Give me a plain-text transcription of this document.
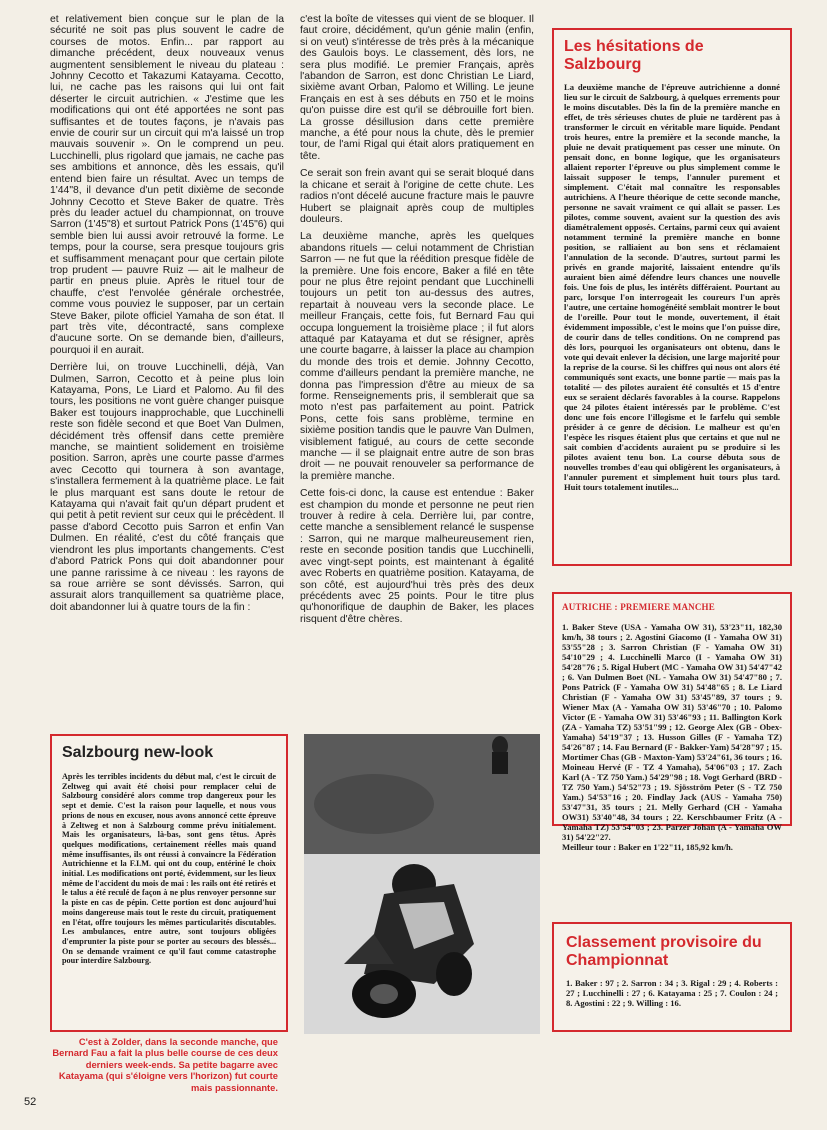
et relativement bien conçue sur le plan de la sécurité ne soit pas plus souvent le cadre de courses de motos. Enfin... par rapport au dimanche précédent, deux nouveaux venus augmentent sensiblement le niveau du plateau : Johnny Cecotto et Takazumi Katayama. Cecotto, lui, ne cache pas les raisons qui lui ont fait déserter le circuit autrichien. « J'estime que les modifications qui ont été apportées ne sont pas suffisantes et de toutes façons, je n'avais pas envie de courir sur un circuit qui m'a laissé un trop mauvais souvenir ». On le comprend un peu. Lucchinelli, plus rigolard que jamais, ne cache pas ses ambitions et annonce, dès les essais, qu'il entend bien faire un résultat. Avec un temps de 1'44"8, il devance d'un petit dixième de seconde Johnny Cecotto et Steve Baker de quatre. Très près du leader actuel du championnat, on trouve Sarron (1'45"8) et surtout Patrick Pons (1'45"6) qui semble bien lui aussi avoir retrouvé la forme. Le temps, pour la course, sera presque toujours gris et suffisamment menaçant pour que certain pilote trop prudent — pauvre Ruiz — ait le malheur de partir en pneus pluie. Après le rituel tour de chauffe, c'est l'envolée générale orchestrée, comme vous pouviez le supposer, par un certain Steve Baker, pilote officiel Yamaha de son état. Il part très vite, décontracté, sans complexe d'aucune sorte. On se demande bien, d'ailleurs, pourquoi il en aurait.

Derrière lui, on trouve Lucchinelli, déjà, Van Dulmen, Sarron, Cecotto et à peine plus loin Katayama, Pons, Le Liard et Palomo. Au fil des tours, les positions ne vont guère changer puisque Baker est toujours inapprochable, que Lucchinelli reste son fidèle second et que Boet Van Dulmen, décidément très offensif dans cette première manche, se maintient solidement en troisième position. Sarron, après une courte passe d'armes avec Cecotto qui tournera à son avantage, s'installera fermement à la quatrième place. Le fait le plus marquant est sans doute le retour de Katayama qui n'avait fait qu'un départ prudent et qui petit à petit revient sur ceux qui le précèdent. Il passe d'abord Cecotto puis Sarron et enfin Van Dulmen. En réalité, c'est du côté français que viendront les plus importants changements. C'est d'abord Patrick Pons qui doit abandonner pour une panne rarissime à ce niveau : les rayons de sa roue arrière se sont dévissés. Sarron, qui assurait alors tranquillement sa quatrième place, doit abandonner lui à quatre tours de la fin :

c'est la boîte de vitesses qui vient de se bloquer. Il faut croire, décidément, qu'un génie malin (enfin, si on veut) s'intéresse de très près à la mécanique des Gaulois boys. Le classement, dès lors, ne sera plus modifié. Le premier Français, après l'abandon de Sarron, est donc Christian Le Liard, sixième avant Orban, Palomo et Willing. Le jeune Français en est à ses débuts en 750 et le moins qu'on puisse dire est qu'il se débrouille fort bien. La grosse désillusion dans cette première manche, a été pour nous la chute, dès le premier tour, de l'ami Rigal qui était alors pratiquement en tête.

Ce serait son frein avant qui se serait bloqué dans la chicane et serait à l'origine de cette chute. Les radios n'ont décelé aucune fracture mais le pauvre Hubert se plaignait après coup de multiples douleurs.

La deuxième manche, après les quelques abandons rituels — celui notamment de Christian Sarron — ne fut que la réédition presque fidèle de la première. Une fois encore, Baker a filé en tête pour ne plus être rejoint pendant que Lucchinelli toujours un petit ton au-dessus des autres, repartait à nouveau vers la seconde place. Le meilleur Français, cette fois, fut Bernard Fau qui occupa longuement la troisième place ; il fut alors attaqué par Katayama et dut se résigner, après une courte bagarre, à laisser la place au champion du monde des trois et demie. Johnny Cecotto, comme d'ailleurs pendant la première manche, ne donna pas l'impression d'être au mieux de sa forme. Renseignements pris, il semblerait que sa moto n'est pas parfaitement au point. Patrick Pons, cette fois sans problème, termine en sixième position tandis que le pauvre Van Dulmen, visiblement fatigué, au cours de cette seconde manche — il se plaignait entre autre de son bras droit — ne pouvait renouveler sa performance de la première manche.

Cette fois-ci donc, la cause est entendue : Baker est champion du monde et personne ne peut rien trouver à redire à cela. Derrière lui, par contre, cette manche a sensiblement relancé le suspense : Sarron, qui ne marque malheureusement rien, reste en seconde position tandis que Lucchinelli, avec vingt-sept points, est maintenant à égalité avec Roberts en quatrième position. Katayama, de son côté, est aujourd'hui très près des deux précédents avec 25 points. Pour le titre plus qu'honorifique de dauphin de Baker, les places risquent d'être chères.

Les hésitations de Salzbourg

La deuxième manche de l'épreuve autrichienne a donné lieu sur le circuit de Salzbourg, à quelques errements pour le moins discutables. Dès la fin de la première manche en effet, de très sérieuses chutes de pluie ne tardèrent pas à transformer le circuit en véritable mare liquide. Pendant trois heures, entre la première et la seconde manche, la pluie ne devait pratiquement pas cesser une minute. On pensait donc, en bonne logique, que les organisateurs allaient reporter l'épreuve ou plus simplement comme le laissait supposer le temps, l'annuler purement et simplement. C'était mal connaître les responsables autrichiens. A l'heure théorique de cette seconde manche, personne ne savait vraiment ce qui allait se passer. Les pilotes, comme souvent, avaient sur la question des avis diamétralement opposés. Certains, parmi ceux qui avaient notamment terminé la première manche en bonne position, se ralliaient au bon sens et réclamaient l'annulation de la seconde. D'autres, surtout parmi les privés en grande majorité, laissaient entendre qu'ils auraient bien aimé défendre leurs chances une nouvelle fois. Une fois de plus, les intérêts différaient. Pourtant au parc, lorsque l'on interrogeait les coureurs l'un après l'autre, une certaine homogénéité semblait montrer le bout de l'oreille. Pour tout le monde, ouvertement, il était évidemment impossible, c'est le moins que l'on puisse dire, de courir dans de telles conditions. On ne comprend pas dès lors, pourquoi les organisateurs ont obtenu, dans le vote qui devait enlever la décision, une large majorité pour la reprise de la course. Si les chiffres qui nous ont alors été communiqués sont exacts, une bonne partie — mais pas la totalité — des pilotes auraient été consultés et 15 d'entre eux se seraient déclarés favorables à la course. Rappelons que 24 pilotes étaient intéressés par le problème. C'est donc une fois encore l'illogisme et le farfelu qui semble présider à ce genre de décision. Le malheur est qu'en l'espèce les risques étaient plus que certains et que nul ne sait combien d'accidents auraient pu se produire si les pilotes avaient tenu bon. La course débuta sous de nouvelles trombes d'eau qui obligèrent les organisateurs, à l'annuler purement et simplement huit tours plus tard. Huit tours totalement inutiles...

AUTRICHE : PREMIERE MANCHE

1. Baker Steve (USA - Yamaha OW 31), 53'23"11, 182,30 km/h, 38 tours ; 2. Agostini Giacomo (I - Yamaha OW 31) 53'55"28 ; 3. Sarron Christian (F - Yamaha OW 31) 54'10"29 ; 4. Lucchinelli Marco (I - Yamaha OW 31) 54'28"76 ; 5. Rigal Hubert (MC - Yamaha OW 31) 54'47"42 ; 6. Van Dulmen Boet (NL - Yamaha OW 31) 54'47"80 ; 7. Pons Patrick (F - Yamaha OW 31) 54'48"65 ; 8. Le Liard Christian (F - Yamaha OW 31) 53'45"89, 37 tours ; 9. Wiener Max (A - Yamaha OW 31) 53'46"70 ; 10. Palomo Victor (E - Yamaha OW 31) 53'46"93 ; 11. Ballington Kork (ZA - Yamaha TZ) 53'51"99 ; 12. George Alex (GB - Obex-Yamaha) 54'19"37 ; 13. Husson Gilles (F - Yamaha TZ) 54'26"87 ; 14. Fau Bernard (F - Bakker-Yam) 54'28"97 ; 15. Mortimer Chas (GB - Maxton-Yam) 53'24"61, 36 tours ; 16. Moineau Hervé (F - TZ 4 Yamaha), 54'06"03 ; 17. Zach Karl (A - TZ 750 Yam.) 54'29"98 ; 18. Vogt Gerhard (BRD - TZ 750 Yam.) 54'52"73 ; 19. Sjösström Peter (S - TZ 750 Yam.) 54'53"16 ; 20. Findlay Jack (AUS - Yamaha 750) 53'47"31, 35 tours ; 21. Melly Gerhard (CH - Yamaha OW31) 53'40"48, 34 tours ; 22. Kerschbaumer Fritz (A - Yamaha TZ) 53'54"03 ; 23. Parzer Johan (A - Yamaha OW 31) 54'22"27.

Meilleur tour : Baker en 1'22"11, 185,92 km/h.

Classement provisoire du Championnat

1. Baker : 97 ; 2. Sarron : 34 ; 3. Rigal : 29 ; 4. Roberts : 27 ; Lucchinelli : 27 ; 6. Katayama : 25 ; 7. Coulon : 24 ; 8. Agostini : 22 ; 9. Willing : 16.

Salzbourg new-look

Après les terribles incidents du début mal, c'est le circuit de Zeltweg qui avait été choisi pour remplacer celui de Salzbourg considéré alors comme trop dangereux pour les sept et demie. C'est la raison pour laquelle, et nous vous prions de nous en excuser, nous avons annoncé cette épreuve à Zeltweg et non à Salzbourg comme prévu initialement. Mais les organisateurs, là-bas, sont gens têtus. Après quelques modifications, certainement réelles mais quand même insuffisantes, ils ont réussi à convaincre la Fédération Autrichienne et la F.I.M. qui ont du coup, entériné le choix initial. Les modifications ont porté, évidemment, sur les lieux même de l'accident du mois de mai : les rails ont été retirés et le talus a été reculé de façon à ne plus renvoyer personne sur la piste en cas de pépin. Cette portion est donc aujourd'hui moins dangereuse mais tout le reste du circuit, pratiquement en l'état, offre toujours les mêmes particularités discutables. Les ambulances, entre autre, sont toujours obligées d'emprunter la piste pour se porter au secours des blessés... On se demande vraiment ce qu'il faut comme catastrophe pour interdire Salzbourg.

C'est à Zolder, dans la seconde manche, que Bernard Fau a fait la plus belle course de ces deux derniers week-ends. Sa petite bagarre avec Katayama (qui s'éloigne vers l'horizon) fut courte mais passionnante.

52
